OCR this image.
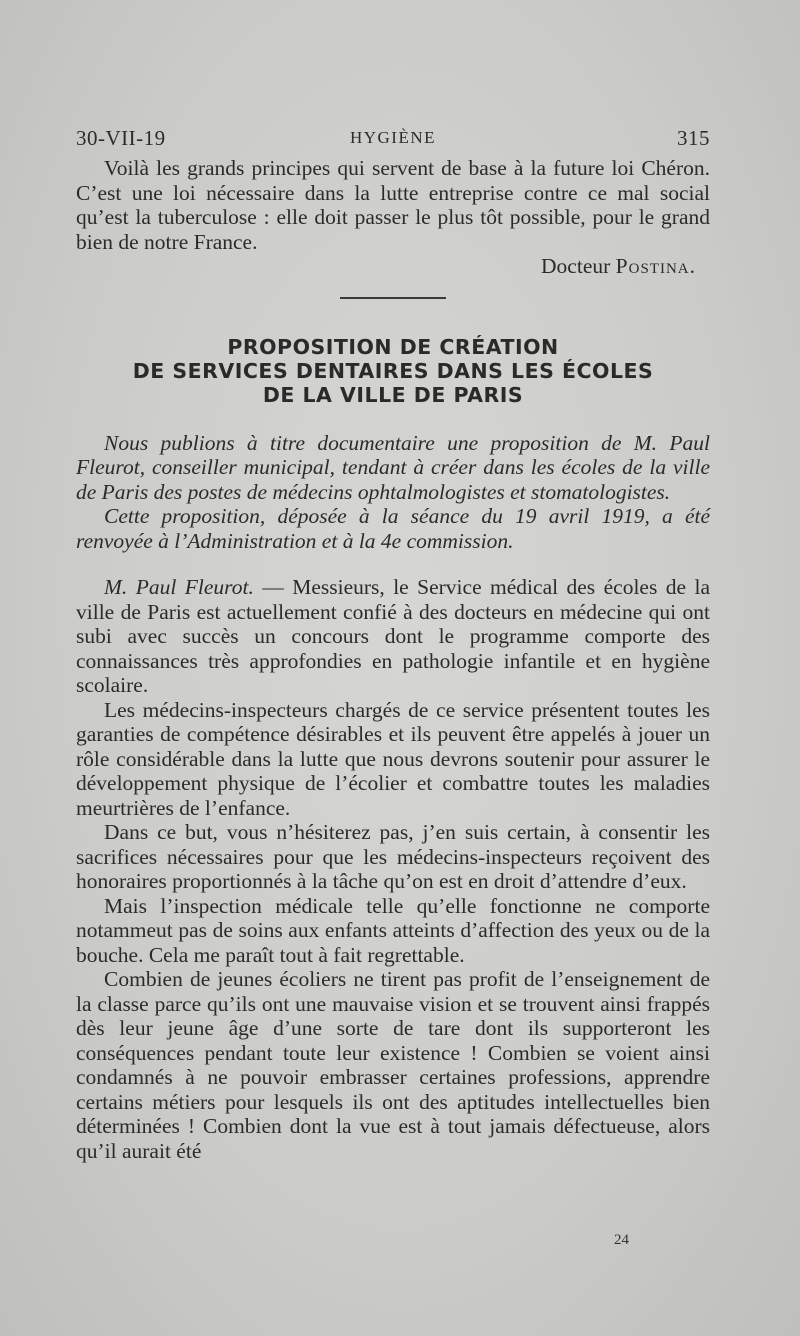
30-VII-19	HYGIÈNE	315

Voilà les grands principes qui servent de base à la future loi Chéron. C’est une loi nécessaire dans la lutte entreprise contre ce mal social qu’est la tuberculose : elle doit passer le plus tôt possible, pour le grand bien de notre France.

Docteur Postina.
PROPOSITION DE CRÉATION
DE SERVICES DENTAIRES DANS LES ÉCOLES
DE LA VILLE DE PARIS

Nous publions à titre documentaire une proposition de M. Paul Fleurot, conseiller municipal, tendant à créer dans les écoles de la ville de Paris des postes de médecins ophtalmologistes et stomatologistes.

Cette proposition, déposée à la séance du 19 avril 1919, a été renvoyée à l’Administration et à la 4e commission.

M. Paul Fleurot. — Messieurs, le Service médical des écoles de la ville de Paris est actuellement confié à des docteurs en médecine qui ont subi avec succès un concours dont le programme comporte des connaissances très approfondies en pathologie infantile et en hygiène scolaire.

Les médecins-inspecteurs chargés de ce service présentent toutes les garanties de compétence désirables et ils peuvent être appelés à jouer un rôle considérable dans la lutte que nous devrons soutenir pour assurer le développement physique de l’écolier et combattre toutes les maladies meurtrières de l’enfance.

Dans ce but, vous n’hésiterez pas, j’en suis certain, à consentir les sacrifices nécessaires pour que les médecins-inspecteurs reçoivent des honoraires proportionnés à la tâche qu’on est en droit d’attendre d’eux.

Mais l’inspection médicale telle qu’elle fonctionne ne comporte notammeut pas de soins aux enfants atteints d’affection des yeux ou de la bouche. Cela me paraît tout à fait regrettable.

Combien de jeunes écoliers ne tirent pas profit de l’enseignement de la classe parce qu’ils ont une mauvaise vision et se trouvent ainsi frappés dès leur jeune âge d’une sorte de tare dont ils supporteront les conséquences pendant toute leur existence ! Combien se voient ainsi condamnés à ne pouvoir embrasser certaines professions, apprendre certains métiers pour lesquels ils ont des aptitudes intellectuelles bien déterminées ! Combien dont la vue est à tout jamais défectueuse, alors qu’il aurait été

24
